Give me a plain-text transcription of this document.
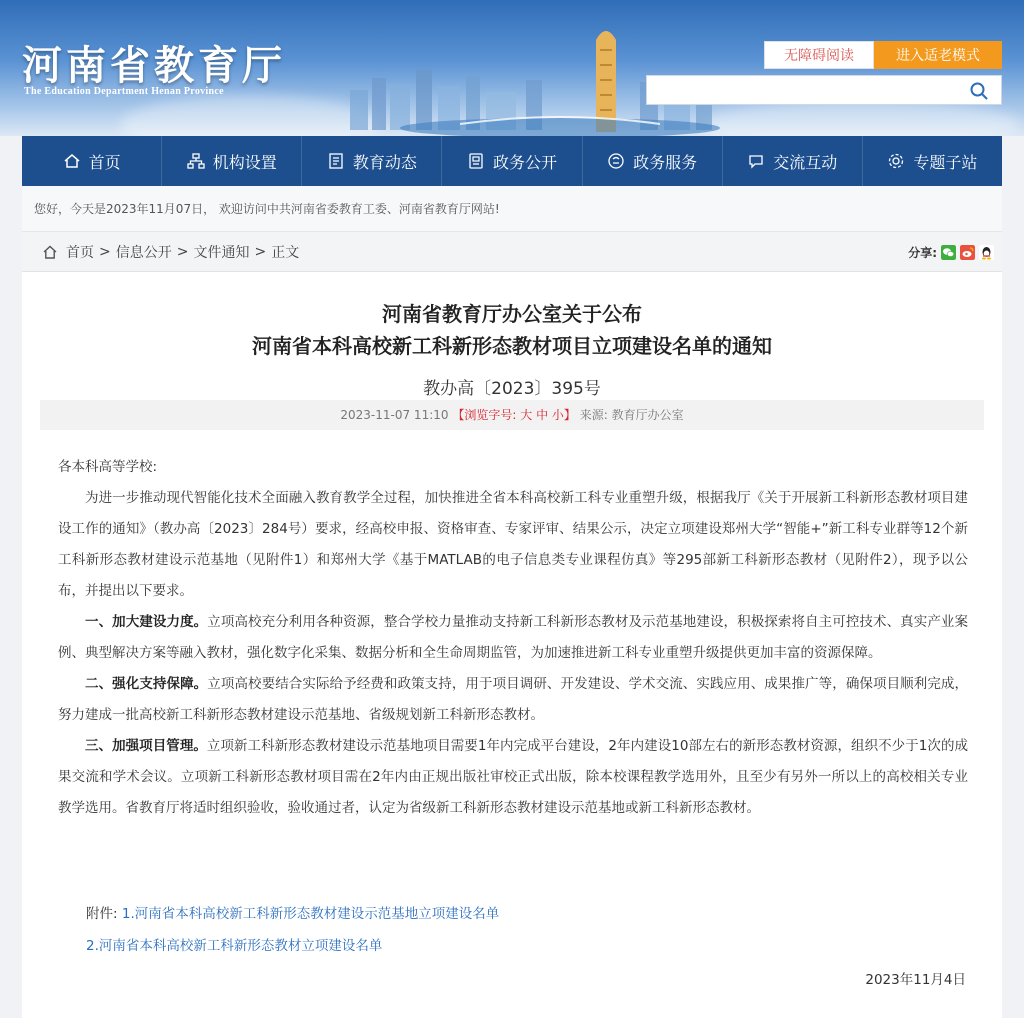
河南省教育厅
The Education Department Henan Province
无障碍阅读	进入适老模式
首页	机构设置	教育动态	政务公开	政务服务	交流互动	专题子站
您好，今天是2023年11月07日， 欢迎访问中共河南省委教育工委、河南省教育厅网站!
首页 > 信息公开 > 文件通知 > 正文	分享:
河南省教育厅办公室关于公布
河南省本科高校新工科新形态教材项目立项建设名单的通知
教办高〔2023〕395号
2023-11-07 11:10 【浏览字号: 大 中 小】 来源: 教育厅办公室

各本科高等学校:

为进一步推动现代智能化技术全面融入教育教学全过程，加快推进全省本科高校新工科专业重塑升级，根据我厅《关于开展新工科新形态教材项目建设工作的通知》（教办高〔2023〕284号）要求，经高校申报、资格审查、专家评审、结果公示，决定立项建设郑州大学“智能+”新工科专业群等12个新工科新形态教材建设示范基地（见附件1）和郑州大学《基于MATLAB的电子信息类专业课程仿真》等295部新工科新形态教材（见附件2），现予以公布，并提出以下要求。

一、加大建设力度。立项高校充分利用各种资源，整合学校力量推动支持新工科新形态教材及示范基地建设，积极探索将自主可控技术、真实产业案例、典型解决方案等融入教材，强化数字化采集、数据分析和全生命周期监管，为加速推进新工科专业重塑升级提供更加丰富的资源保障。

二、强化支持保障。立项高校要结合实际给予经费和政策支持，用于项目调研、开发建设、学术交流、实践应用、成果推广等，确保项目顺利完成，努力建成一批高校新工科新形态教材建设示范基地、省级规划新工科新形态教材。

三、加强项目管理。立项新工科新形态教材建设示范基地项目需要1年内完成平台建设，2年内建设10部左右的新形态教材资源，组织不少于1次的成果交流和学术会议。立项新工科新形态教材项目需在2年内由正规出版社审校正式出版，除本校课程教学选用外，且至少有另外一所以上的高校相关专业教学选用。省教育厅将适时组织验收，验收通过者，认定为省级新工科新形态教材建设示范基地或新工科新形态教材。

附件: 1.河南省本科高校新工科新形态教材建设示范基地立项建设名单
2.河南省本科高校新工科新形态教材立项建设名单
2023年11月4日
